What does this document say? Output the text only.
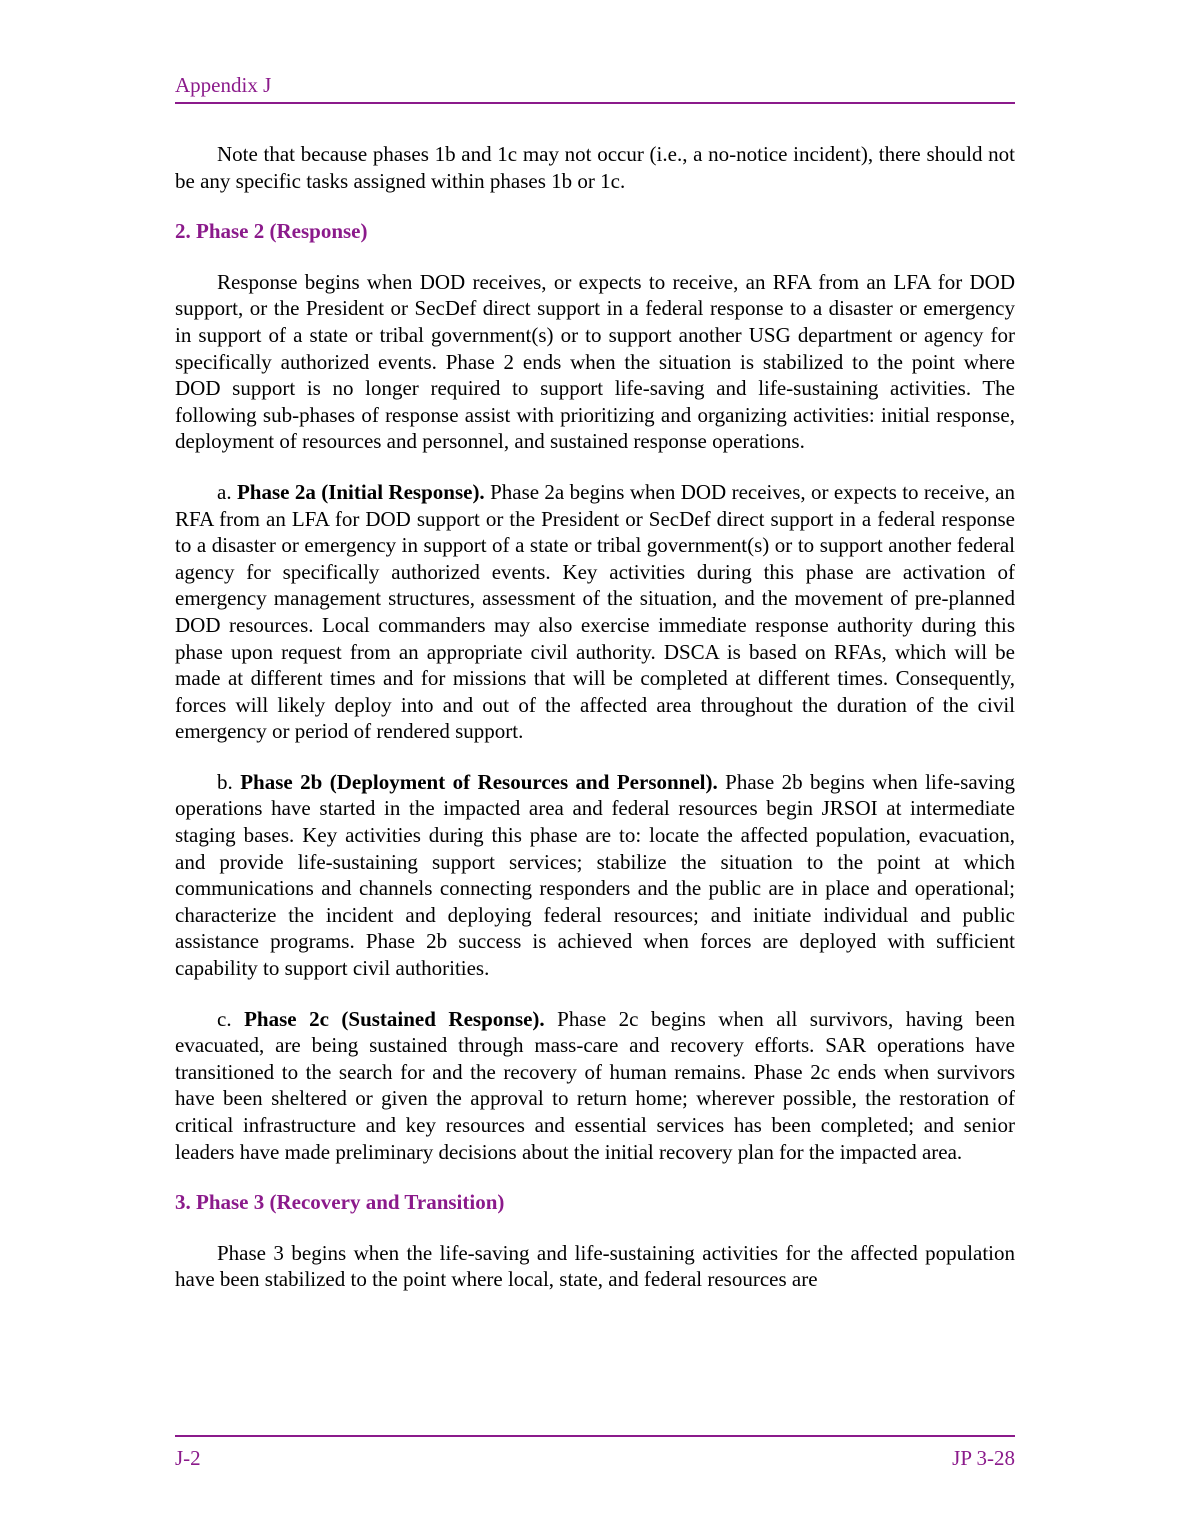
Appendix J

Note that because phases 1b and 1c may not occur (i.e., a no-notice incident), there should not be any specific tasks assigned within phases 1b or 1c.

2. Phase 2 (Response)

Response begins when DOD receives, or expects to receive, an RFA from an LFA for DOD support, or the President or SecDef direct support in a federal response to a disaster or emergency in support of a state or tribal government(s) or to support another USG department or agency for specifically authorized events. Phase 2 ends when the situation is stabilized to the point where DOD support is no longer required to support life-saving and life-sustaining activities. The following sub-phases of response assist with prioritizing and organizing activities: initial response, deployment of resources and personnel, and sustained response operations.

a. Phase 2a (Initial Response). Phase 2a begins when DOD receives, or expects to receive, an RFA from an LFA for DOD support or the President or SecDef direct support in a federal response to a disaster or emergency in support of a state or tribal government(s) or to support another federal agency for specifically authorized events. Key activities during this phase are activation of emergency management structures, assessment of the situation, and the movement of pre-planned DOD resources. Local commanders may also exercise immediate response authority during this phase upon request from an appropriate civil authority. DSCA is based on RFAs, which will be made at different times and for missions that will be completed at different times. Consequently, forces will likely deploy into and out of the affected area throughout the duration of the civil emergency or period of rendered support.

b. Phase 2b (Deployment of Resources and Personnel). Phase 2b begins when life-saving operations have started in the impacted area and federal resources begin JRSOI at intermediate staging bases. Key activities during this phase are to: locate the affected population, evacuation, and provide life-sustaining support services; stabilize the situation to the point at which communications and channels connecting responders and the public are in place and operational; characterize the incident and deploying federal resources; and initiate individual and public assistance programs. Phase 2b success is achieved when forces are deployed with sufficient capability to support civil authorities.

c. Phase 2c (Sustained Response). Phase 2c begins when all survivors, having been evacuated, are being sustained through mass-care and recovery efforts. SAR operations have transitioned to the search for and the recovery of human remains. Phase 2c ends when survivors have been sheltered or given the approval to return home; wherever possible, the restoration of critical infrastructure and key resources and essential services has been completed; and senior leaders have made preliminary decisions about the initial recovery plan for the impacted area.

3. Phase 3 (Recovery and Transition)

Phase 3 begins when the life-saving and life-sustaining activities for the affected population have been stabilized to the point where local, state, and federal resources are

J-2	JP 3-28
